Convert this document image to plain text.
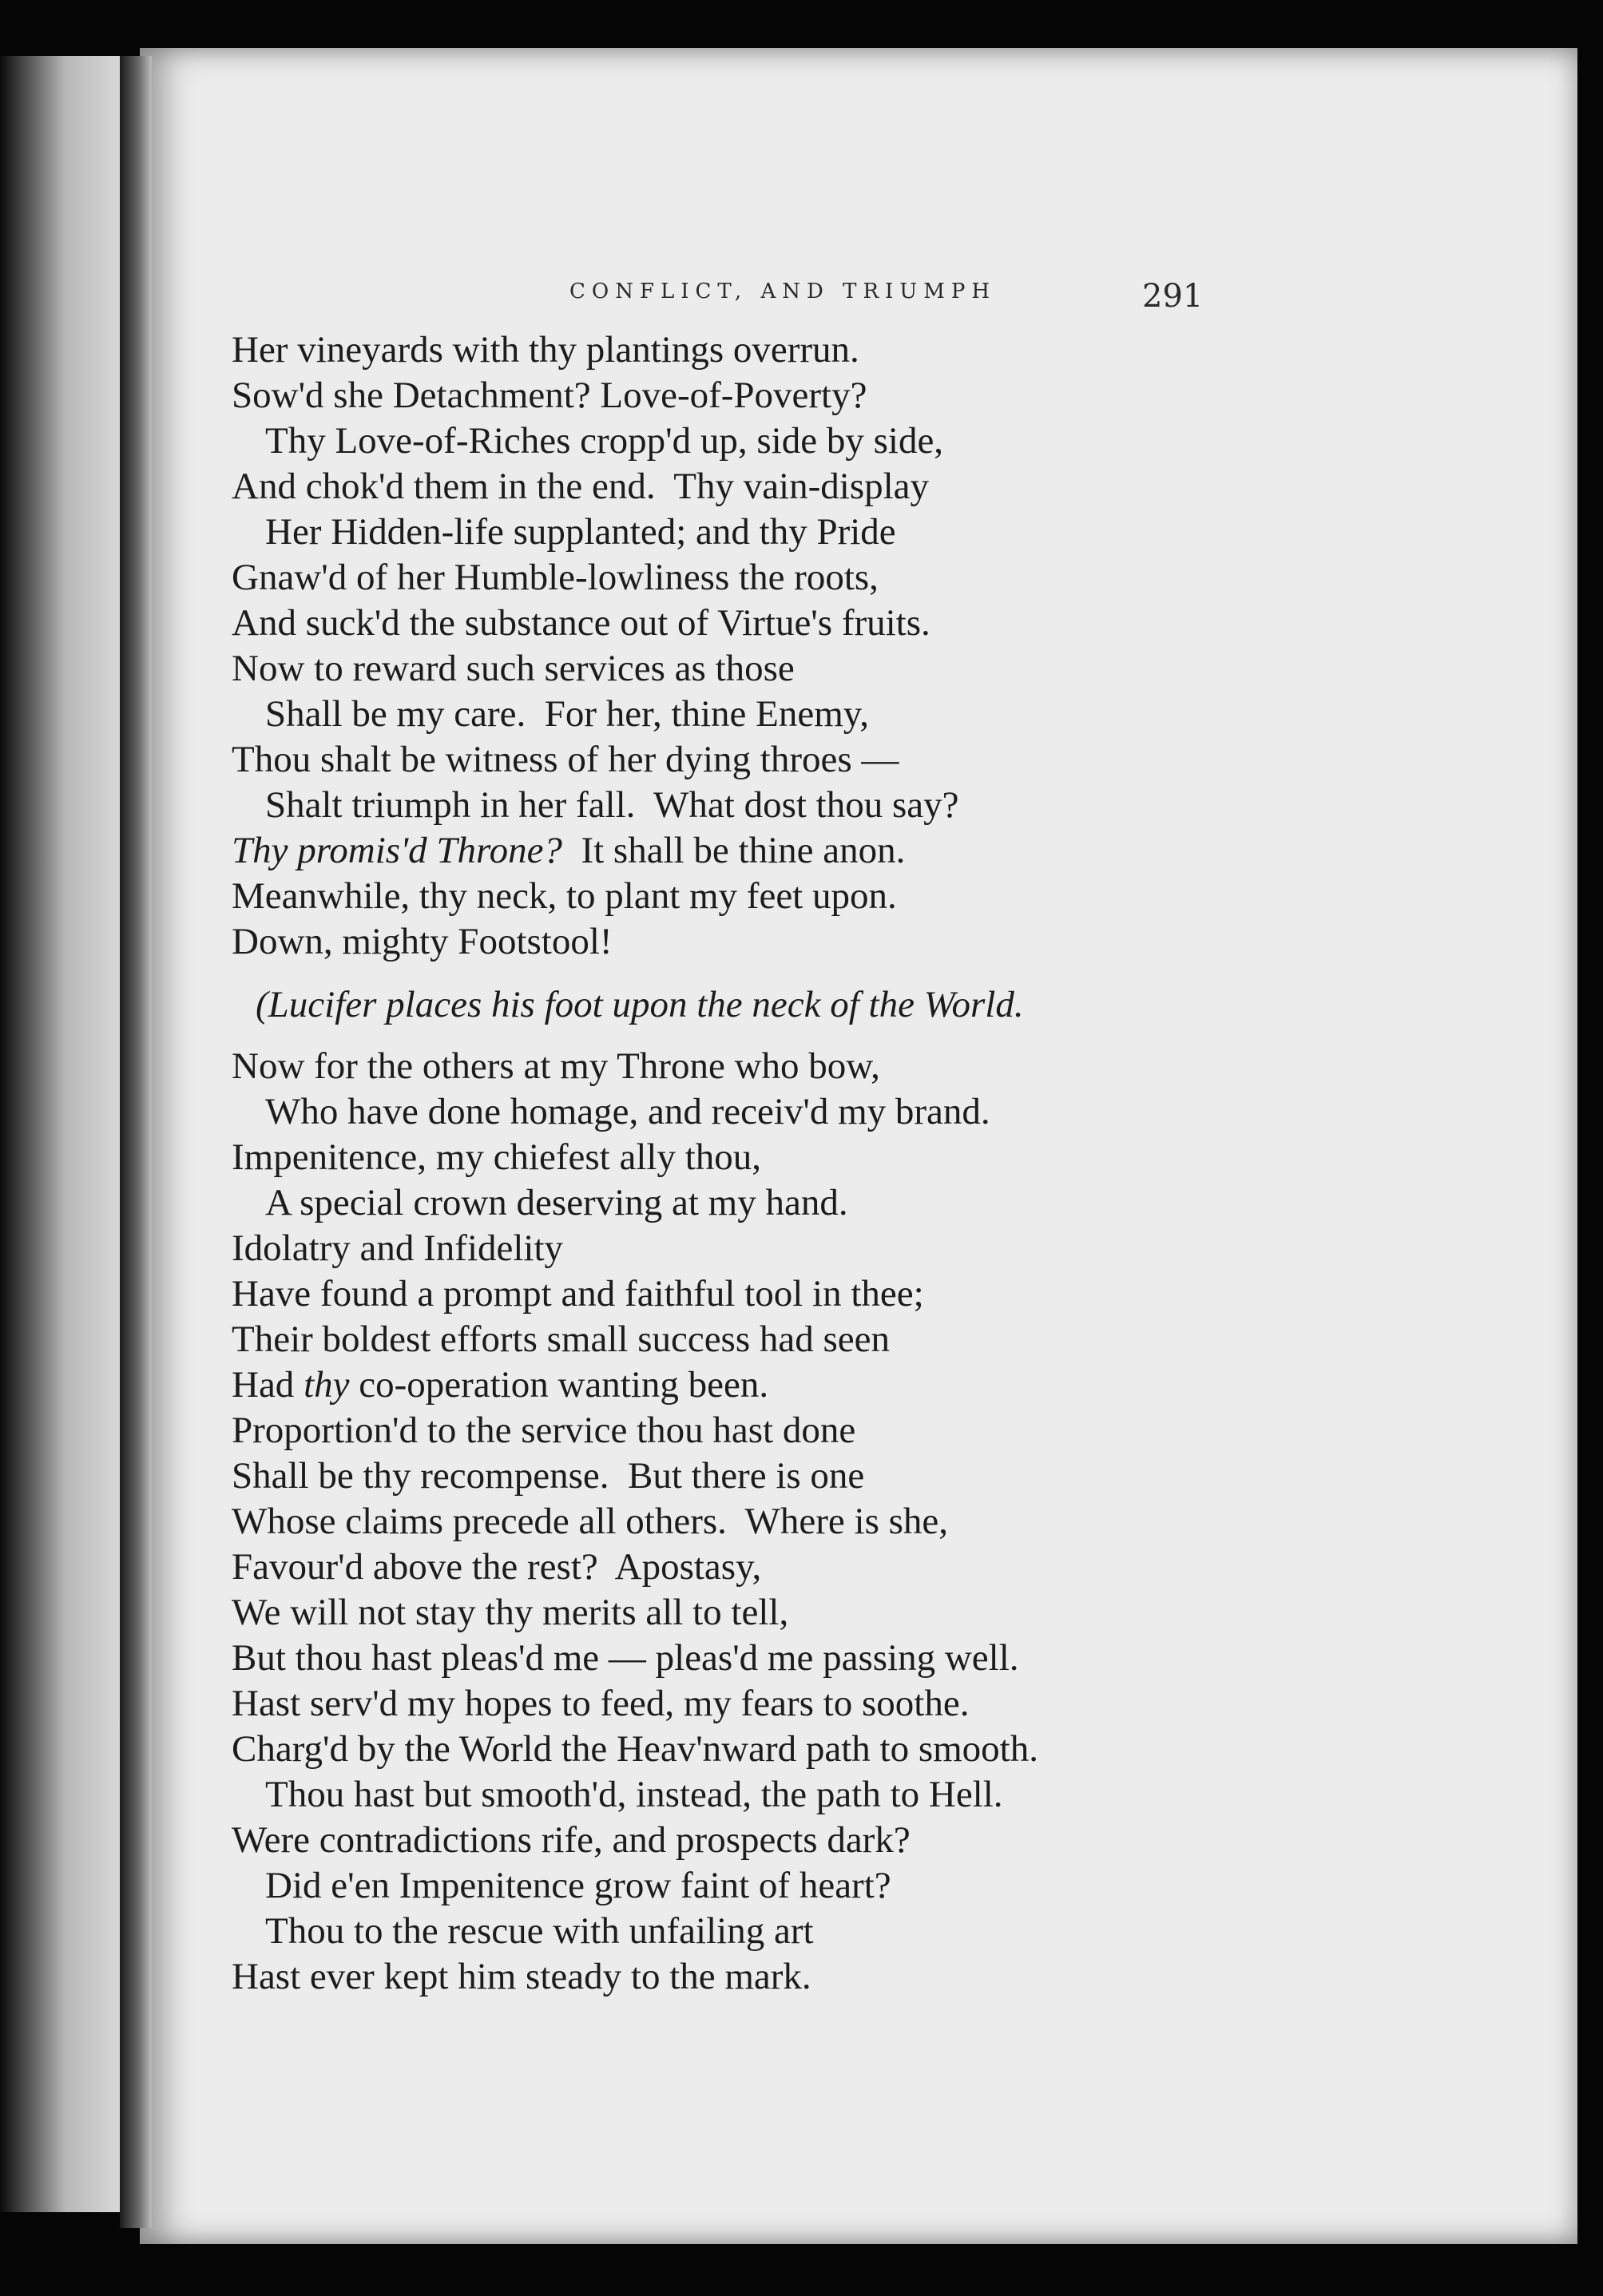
CONFLICT, AND TRIUMPH	291
Her vineyards with thy plantings overrun.
Sow'd she Detachment? Love-of-Poverty?
Thy Love-of-Riches cropp'd up, side by side,
And chok'd them in the end.  Thy vain-display
Her Hidden-life supplanted; and thy Pride
Gnaw'd of her Humble-lowliness the roots,
And suck'd the substance out of Virtue's fruits.
Now to reward such services as those
Shall be my care.  For her, thine Enemy,
Thou shalt be witness of her dying throes —
Shalt triumph in her fall.  What dost thou say?
Thy promis'd Throne?  It shall be thine anon.
Meanwhile, thy neck, to plant my feet upon.
Down, mighty Footstool!
(Lucifer places his foot upon the neck of the World.
Now for the others at my Throne who bow,
Who have done homage, and receiv'd my brand.
Impenitence, my chiefest ally thou,
A special crown deserving at my hand.
Idolatry and Infidelity
Have found a prompt and faithful tool in thee;
Their boldest efforts small success had seen
Had thy co-operation wanting been.
Proportion'd to the service thou hast done
Shall be thy recompense.  But there is one
Whose claims precede all others.  Where is she,
Favour'd above the rest?  Apostasy,
We will not stay thy merits all to tell,
But thou hast pleas'd me — pleas'd me passing well.
Hast serv'd my hopes to feed, my fears to soothe.
Charg'd by the World the Heav'nward path to smooth.
Thou hast but smooth'd, instead, the path to Hell.
Were contradictions rife, and prospects dark?
Did e'en Impenitence grow faint of heart?
Thou to the rescue with unfailing art
Hast ever kept him steady to the mark.
